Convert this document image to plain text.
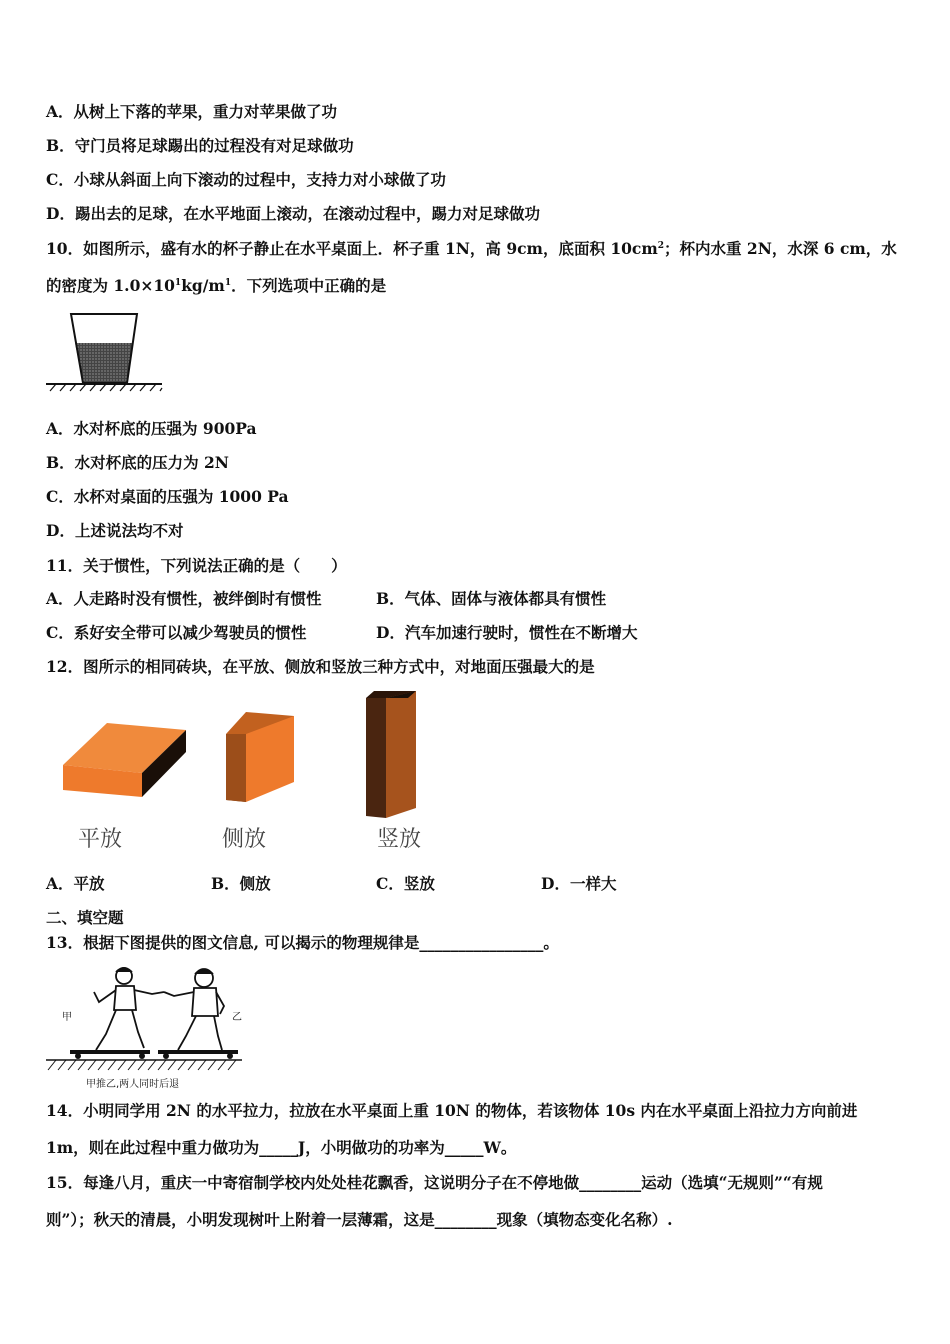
A．从树上下落的苹果，重力对苹果做了功
B．守门员将足球踢出的过程没有对足球做功
C．小球从斜面上向下滚动的过程中，支持力对小球做了功
D．踢出去的足球，在水平地面上滚动，在滚动过程中，踢力对足球做功
10．如图所示，盛有水的杯子静止在水平桌面上．杯子重 1N，高 9cm，底面积 $10cm^2$；杯内水重 2N，水深 6 cm，水
的密度为 $1.0\times 10^1kg/m^1$．下列选项中正确的是
A．水对杯底的压强为 900Pa
B．水对杯底的压力为 2N
C．水杯对桌面的压强为 1000 Pa
D．上述说法均不对
11．关于惯性，下列说法正确的是（　　）
A．人走路时没有惯性，被绊倒时有惯性	B．气体、固体与液体都具有惯性
C．系好安全带可以减少驾驶员的惯性	D．汽车加速行驶时，惯性在不断增大
12．图所示的相同砖块，在平放、侧放和竖放三种方式中，对地面压强最大的是
平放	侧放	竖放
A．平放	B．侧放	C．竖放	D．一样大
二、填空题
13．根据下图提供的图文信息, 可以揭示的物理规律是________________。
甲	乙
甲推乙,两人同时后退
14．小明同学用 2N 的水平拉力，拉放在水平桌面上重 10N 的物体，若该物体 10s 内在水平桌面上沿拉力方向前进
1m，则在此过程中重力做功为_____J，小明做功的功率为_____W。
15．每逢八月，重庆一中寄宿制学校内处处桂花飘香，这说明分子在不停地做________运动（选填“无规则”“有规
则”）；秋天的清晨，小明发现树叶上附着一层薄霜，这是________现象（填物态变化名称）.
